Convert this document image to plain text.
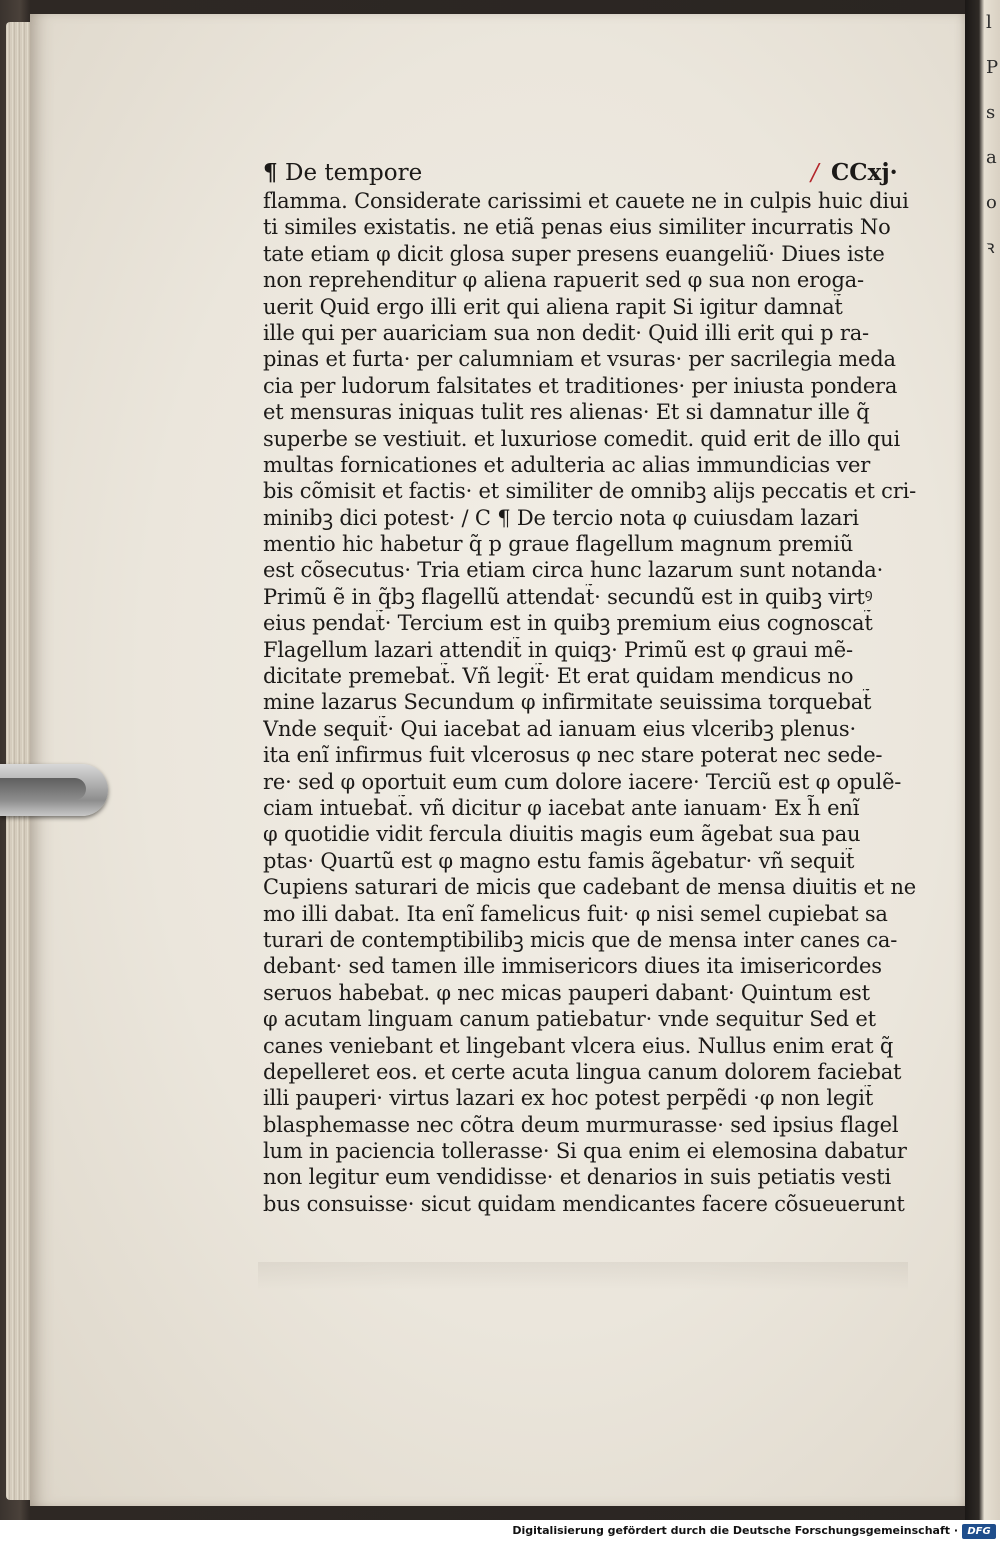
l P s a o ꝛ
¶ De tempore	/ CCxj·
flamma. Considerate carissimi et cauete ne in culpis huic diui
ti similes existatis. ne etiã penas eius similiter incurratis No
tate etiam φ dicit glosa super presens euangeliũ· Diues iste
non reprehenditur φ aliena rapuerit sed φ sua non eroga-
uerit Quid ergo illi erit qui aliena rapit Si igitur damnat̃
ille qui per auariciam sua non dedit· Quid illi erit qui p ra-
pinas et furta· per calumniam et vsuras· per sacrilegia meda
cia per ludorum falsitates et traditiones· per iniusta pondera
et mensuras iniquas tulit res alienas· Et si damnatur ille q̃
superbe se vestiuit. et luxuriose comedit. quid erit de illo qui
multas fornicationes et adulteria ac alias immundicias ver
bis cõmisit et factis· et similiter de omnibꝫ alijs peccatis et cri-
minibꝫ dici potest· / C ¶ De tercio nota φ cuiusdam lazari
mentio hic habetur q̃ p graue flagellum magnum premiũ
est cõsecutus· Tria etiam circa hunc lazarum sunt notanda·
Primũ ẽ in q̃bꝫ flagellũ attendat̃· secundũ est in quibꝫ virtꝰ
eius pendat̃· Tercium est in quibꝫ premium eius cognoscat̃
Flagellum lazari attendit̃ in quiqꝫ· Primũ est φ graui mẽ-
dicitate premebat̃. Vñ legit̃· Et erat quidam mendicus no
mine lazarus Secundum φ infirmitate seuissima torquebat̃
Vnde sequit̃· Qui iacebat ad ianuam eius vlceribꝫ plenus·
ita enĩ infirmus fuit vlcerosus φ nec stare poterat nec sede-
re· sed φ oportuit eum cum dolore iacere· Terciũ est φ opulẽ-
ciam intuebat̃. vñ dicitur φ iacebat ante ianuam· Ex h̃ enĩ
φ quotidie vidit fercula diuitis magis eum ãgebat sua pau
ptas· Quartũ est φ magno estu famis ãgebatur· vñ sequit̃
Cupiens saturari de micis que cadebant de mensa diuitis et ne
mo illi dabat. Ita enĩ famelicus fuit· φ nisi semel cupiebat sa
turari de contemptibilibꝫ micis que de mensa inter canes ca-
debant· sed tamen ille immisericors diues ita imisericordes
seruos habebat. φ nec micas pauperi dabant· Quintum est
φ acutam linguam canum patiebatur· vnde sequitur Sed et
canes veniebant et lingebant vlcera eius. Nullus enim erat q̃
depelleret eos. et certe acuta lingua canum dolorem faciebat
illi pauperi· virtus lazari ex hoc potest perpẽdi ·φ non legit̃
blasphemasse nec cõtra deum murmurasse· sed ipsius flagel
lum in paciencia tollerasse· Si qua enim ei elemosina dabatur
non legitur eum vendidisse· et denarios in suis petiatis vesti
bus consuisse· sicut quidam mendicantes facere cõsueuerunt
Digitalisierung gefördert durch die Deutsche Forschungsgemeinschaft · DFG
